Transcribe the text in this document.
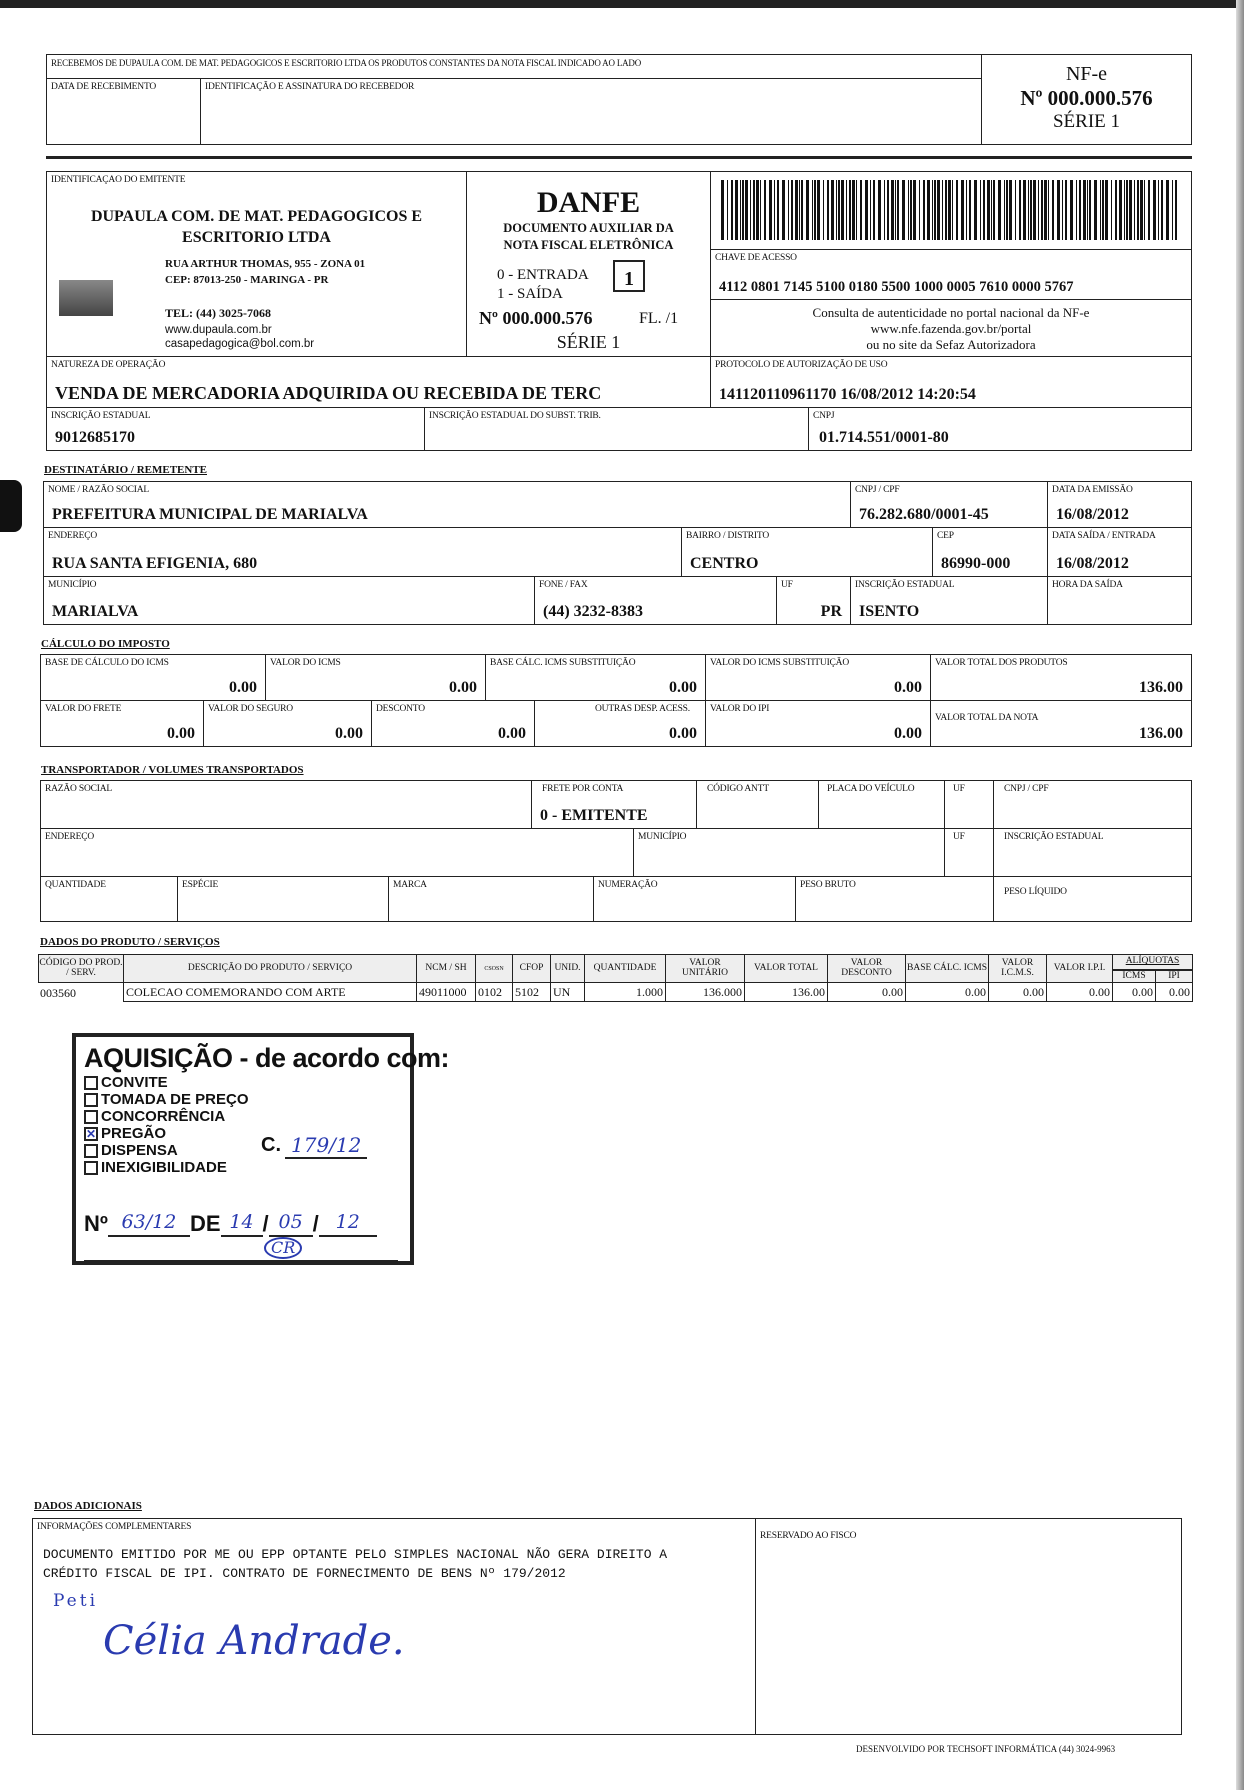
RECEBEMOS DE DUPAULA COM. DE MAT. PEDAGOGICOS E ESCRITORIO LTDA OS PRODUTOS CONSTANTES DA NOTA FISCAL INDICADO AO LADO
DATA DE RECEBIMENTO	IDENTIFICAÇÃO E ASSINATURA DO RECEBEDOR
NF-e
Nº 000.000.576
SÉRIE 1
IDENTIFICAÇAO DO EMITENTE
DUPAULA COM. DE MAT. PEDAGOGICOS E
ESCRITORIO LTDA
RUA ARTHUR THOMAS, 955 - ZONA 01
CEP: 87013-250 - MARINGA - PR
TEL: (44) 3025-7068
www.dupaula.com.br
casapedagogica@bol.com.br
DANFE
DOCUMENTO AUXILIAR DA
NOTA FISCAL ELETRÔNICA
0 - ENTRADA
1 - SAÍDA
1
Nº 000.000.576	FL. /1
SÉRIE 1
CHAVE DE ACESSO
4112 0801 7145 5100 0180 5500 1000 0005 7610 0000 5767
Consulta de autenticidade no portal nacional da NF-e
www.nfe.fazenda.gov.br/portal
ou no site da Sefaz Autorizadora
NATUREZA DE OPERAÇÃO
VENDA DE MERCADORIA ADQUIRIDA OU RECEBIDA DE TERC
PROTOCOLO DE AUTORIZAÇÃO DE USO
141120110961170 16/08/2012 14:20:54
INSCRIÇÃO ESTADUAL
9012685170
INSCRIÇÃO ESTADUAL DO SUBST. TRIB.	CNPJ
01.714.551/0001-80
DESTINATÁRIO / REMETENTE
NOME / RAZÃO SOCIAL
PREFEITURA MUNICIPAL DE MARIALVA
CNPJ / CPF
76.282.680/0001-45
DATA DA EMISSÃO
16/08/2012
ENDEREÇO
RUA SANTA EFIGENIA, 680
BAIRRO / DISTRITO
CENTRO
CEP
86990-000
DATA SAÍDA / ENTRADA
16/08/2012
MUNICÍPIO
MARIALVA
FONE / FAX
(44) 3232-8383
UF
PR
INSCRIÇÃO ESTADUAL
ISENTO
HORA DA SAÍDA
CÁLCULO DO IMPOSTO
BASE DE CÁLCULO DO ICMS
0.00
VALOR DO ICMS
0.00
BASE CÁLC. ICMS SUBSTITUIÇÃO
0.00
VALOR DO ICMS SUBSTITUIÇÃO
0.00
VALOR TOTAL DOS PRODUTOS
136.00
VALOR DO FRETE
0.00
VALOR DO SEGURO
0.00
DESCONTO
0.00
OUTRAS DESP. ACESS.
0.00
VALOR DO IPI
0.00
VALOR TOTAL DA NOTA
136.00
TRANSPORTADOR / VOLUMES TRANSPORTADOS
RAZÃO SOCIAL	FRETE POR CONTA
0 - EMITENTE
CÓDIGO ANTT	PLACA DO VEÍCULO	UF	CNPJ / CPF
ENDEREÇO	MUNICÍPIO	UF	INSCRIÇÃO ESTADUAL
QUANTIDADE	ESPÉCIE	MARCA	NUMERAÇÃO	PESO BRUTO
PESO LÍQUIDO
DADOS DO PRODUTO / SERVIÇOS
CÓDIGO DO PROD. / SERV.	DESCRIÇÃO DO PRODUTO / SERVIÇO	NCM / SH	CSOSN	CFOP	UNID.	QUANTIDADE	VALOR UNITÁRIO	VALOR TOTAL	VALOR DESCONTO	BASE CÁLC. ICMS	VALOR I.C.M.S.	VALOR I.P.I.
ICMS	IPI
ALÍQUOTAS
003560	COLECAO COMEMORANDO COM ARTE	49011000 0102	5102	UN	1.000	136.000	136.00	0.00	0.00	0.00	0.00	0.00	0.00
AQUISIÇÃO - de acordo com:
CONVITE
TOMADA DE PREÇO
CONCORRÊNCIA
✕ PREGÃO
DISPENSA
INEXIGIBILIDADE
C. 179/12
Nº 63/12 DE 14 / 05 / 12
CR
DADOS ADICIONAIS
INFORMAÇÕES COMPLEMENTARES
DOCUMENTO EMITIDO POR ME OU EPP OPTANTE PELO SIMPLES NACIONAL NÃO GERA DIREITO A
CRÉDITO FISCAL DE IPI. CONTRATO DE FORNECIMENTO DE BENS Nº 179/2012
Peti
Célia Andrade.
RESERVADO AO FISCO
DESENVOLVIDO POR TECHSOFT INFORMÁTICA (44) 3024-9963
